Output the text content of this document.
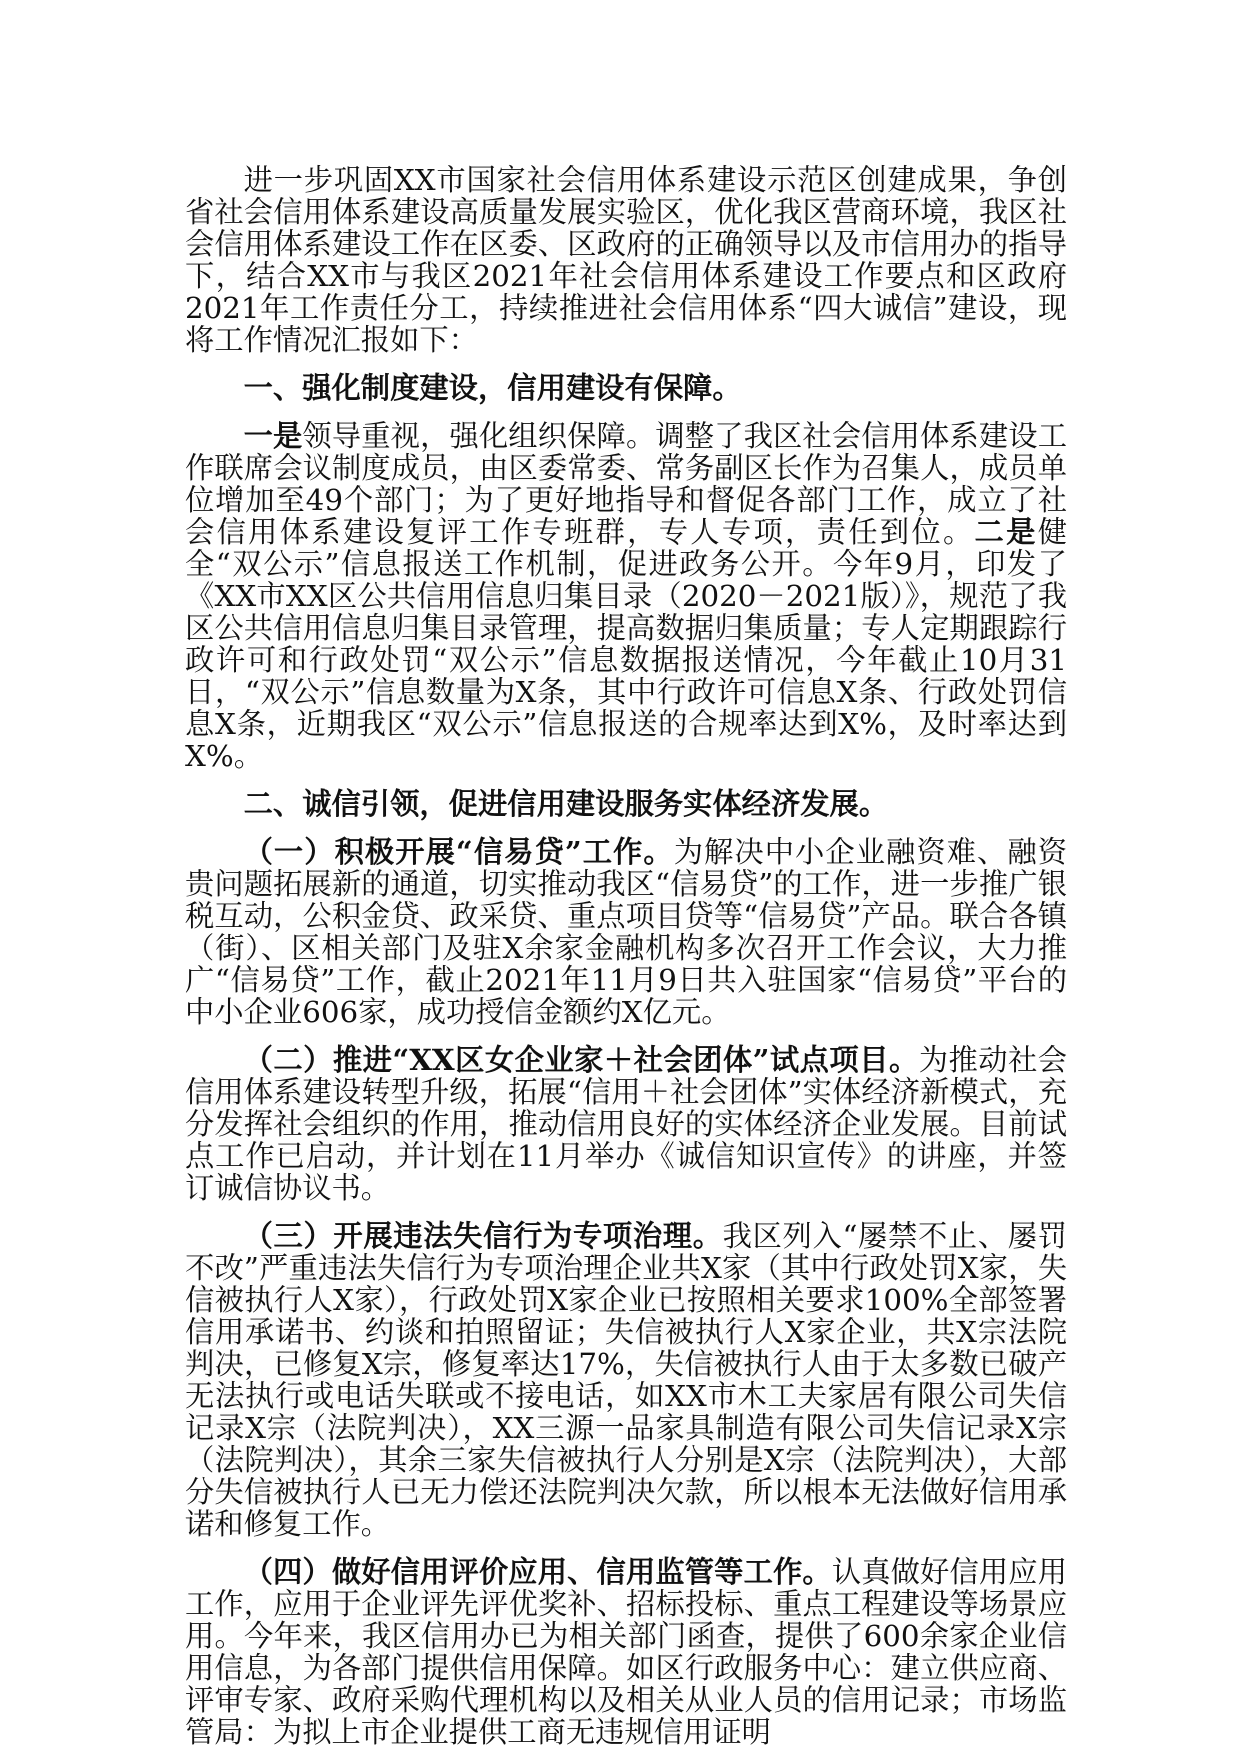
进一步巩固XX市国家社会信用体系建设示范区创建成果，争创省社会信用体系建设高质量发展实验区，优化我区营商环境，我区社会信用体系建设工作在区委、区政府的正确领导以及市信用办的指导下，结合XX市与我区2021年社会信用体系建设工作要点和区政府2021年工作责任分工，持续推进社会信用体系“四大诚信”建设，现将工作情况汇报如下：

一、强化制度建设，信用建设有保障。

一是领导重视，强化组织保障。调整了我区社会信用体系建设工作联席会议制度成员，由区委常委、常务副区长作为召集人，成员单位增加至49个部门；为了更好地指导和督促各部门工作，成立了社会信用体系建设复评工作专班群，专人专项，责任到位。二是健全“双公示”信息报送工作机制，促进政务公开。今年9月，印发了《XX市XX区公共信用信息归集目录（2020－2021版）》，规范了我区公共信用信息归集目录管理，提高数据归集质量；专人定期跟踪行政许可和行政处罚“双公示”信息数据报送情况，今年截止10月31日，“双公示”信息数量为X条，其中行政许可信息X条、行政处罚信息X条，近期我区“双公示”信息报送的合规率达到X%，及时率达到X%。

二、诚信引领，促进信用建设服务实体经济发展。

（一）积极开展“信易贷”工作。为解决中小企业融资难、融资贵问题拓展新的通道，切实推动我区“信易贷”的工作，进一步推广银税互动，公积金贷、政采贷、重点项目贷等“信易贷”产品。联合各镇（街）、区相关部门及驻X余家金融机构多次召开工作会议，大力推广“信易贷”工作，截止2021年11月9日共入驻国家“信易贷”平台的中小企业606家，成功授信金额约X亿元。

（二）推进“XX区女企业家＋社会团体”试点项目。为推动社会信用体系建设转型升级，拓展“信用＋社会团体”实体经济新模式，充分发挥社会组织的作用，推动信用良好的实体经济企业发展。目前试点工作已启动，并计划在11月举办《诚信知识宣传》的讲座，并签订诚信协议书。

（三）开展违法失信行为专项治理。我区列入“屡禁不止、屡罚不改”严重违法失信行为专项治理企业共X家（其中行政处罚X家，失信被执行人X家），行政处罚X家企业已按照相关要求100%全部签署信用承诺书、约谈和拍照留证；失信被执行人X家企业，共X宗法院判决，已修复X宗，修复率达17%，失信被执行人由于太多数已破产无法执行或电话失联或不接电话，如XX市木工夫家居有限公司失信记录X宗（法院判决），XX三源一品家具制造有限公司失信记录X宗（法院判决），其余三家失信被执行人分别是X宗（法院判决），大部分失信被执行人已无力偿还法院判决欠款，所以根本无法做好信用承诺和修复工作。

（四）做好信用评价应用、信用监管等工作。认真做好信用应用工作，应用于企业评先评优奖补、招标投标、重点工程建设等场景应用。今年来，我区信用办已为相关部门函查，提供了600余家企业信用信息，为各部门提供信用保障。如区行政服务中心：建立供应商、评审专家、政府采购代理机构以及相关从业人员的信用记录；市场监管局：为拟上市企业提供工商无违规信用证明
